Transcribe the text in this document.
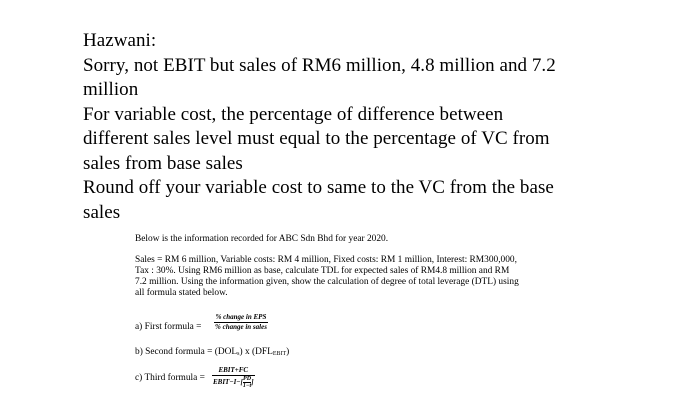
Hazwani:
Sorry, not EBIT but sales of RM6 million, 4.8 million and 7.2
million
For variable cost, the percentage of difference between
different sales level must equal to the percentage of VC from
sales from base sales
Round off your variable cost to same to the VC from the base
sales
Below is the information recorded for ABC Sdn Bhd for year 2020.
Sales = RM 6 million, Variable costs: RM 4 million, Fixed costs: RM 1 million, Interest: RM300,000,
Tax : 30%. Using RM6 million as base, calculate TDL for expected sales of RM4.8 million and RM
7.2 million. Using the information given, show the calculation of degree of total leverage (DTL) using
all formula stated below.
a) First formula =
% change in EPS
% change in sales
b) Second formula = (DOLs) x (DFLEBIT)
c) Third formula =
EBIT+FC
EBIT−I−[ $\frac{PD}{1-t}$ ]
